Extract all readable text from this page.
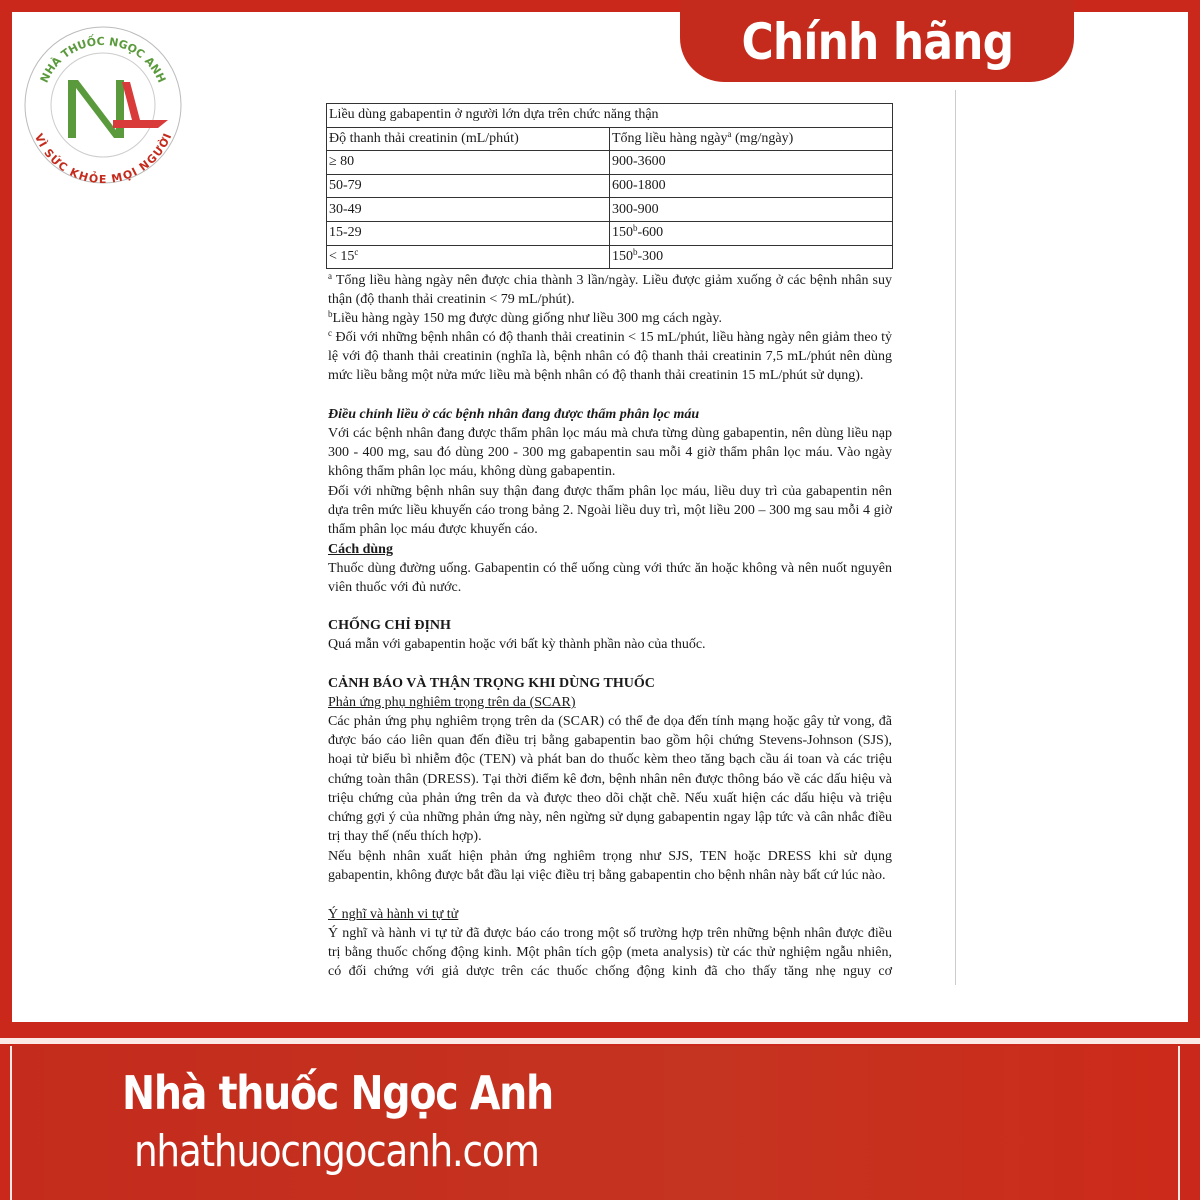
NHÀ THUỐC NGỌC ANH
VÌ SỨC KHỎE MỌI NGƯỜI
Chính hãng
Liều dùng gabapentin ở người lớn dựa trên chức năng thận	
Độ thanh thải creatinin (mL/phút)	Tổng liều hàng ngày$^a$ (mg/ngày)
≥ 80	900-3600
50-79	600-1800
30-49	300-900
15-29	$150^b-600$
< $15^c$	150$^b$-300
$^a$ Tổng liều hàng ngày nên được chia thành 3 lần/ngày. Liều được giảm xuống ở các bệnh nhân suy thận (độ thanh thải creatinin < 79 mL/phút).
$^b$Liều hàng ngày 150 mg được dùng giống như liều 300 mg cách ngày.
$^c$ Đối với những bệnh nhân có độ thanh thải creatinin < 15 mL/phút, liều hàng ngày nên giảm theo tỷ lệ với độ thanh thải creatinin (nghĩa là, bệnh nhân có độ thanh thải creatinin 7,5 mL/phút nên dùng mức liều bằng một nửa mức liều mà bệnh nhân có độ thanh thải creatinin 15 mL/phút sử dụng).
Điều chỉnh liều ở các bệnh nhân đang được thẩm phân lọc máu
Với các bệnh nhân đang được thẩm phân lọc máu mà chưa từng dùng gabapentin, nên dùng liều nạp 300 - 400 mg, sau đó dùng 200 - 300 mg gabapentin sau mỗi 4 giờ thẩm phân lọc máu. Vào ngày không thẩm phân lọc máu, không dùng gabapentin.
Đối với những bệnh nhân suy thận đang được thẩm phân lọc máu, liều duy trì của gabapentin nên dựa trên mức liều khuyến cáo trong bảng 2. Ngoài liều duy trì, một liều 200 – 300 mg sau mỗi 4 giờ thẩm phân lọc máu được khuyến cáo.
Cách dùng
Thuốc dùng đường uống. Gabapentin có thể uống cùng với thức ăn hoặc không và nên nuốt nguyên viên thuốc với đủ nước.
CHỐNG CHỈ ĐỊNH
Quá mẫn với gabapentin hoặc với bất kỳ thành phần nào của thuốc.
CẢNH BÁO VÀ THẬN TRỌNG KHI DÙNG THUỐC
Phản ứng phụ nghiêm trọng trên da (SCAR)
Các phản ứng phụ nghiêm trọng trên da (SCAR) có thể đe dọa đến tính mạng hoặc gây tử vong, đã được báo cáo liên quan đến điều trị bằng gabapentin bao gồm hội chứng Stevens-Johnson (SJS), hoại tử biểu bì nhiễm độc (TEN) và phát ban do thuốc kèm theo tăng bạch cầu ái toan và các triệu chứng toàn thân (DRESS). Tại thời điểm kê đơn, bệnh nhân nên được thông báo về các dấu hiệu và triệu chứng của phản ứng trên da và được theo dõi chặt chẽ. Nếu xuất hiện các dấu hiệu và triệu chứng gợi ý của những phản ứng này, nên ngừng sử dụng gabapentin ngay lập tức và cân nhắc điều trị thay thế (nếu thích hợp).
Nếu bệnh nhân xuất hiện phản ứng nghiêm trọng như SJS, TEN hoặc DRESS khi sử dụng gabapentin, không được bắt đầu lại việc điều trị bằng gabapentin cho bệnh nhân này bất cứ lúc nào.
Ý nghĩ và hành vi tự tử
Ý nghĩ và hành vi tự tử đã được báo cáo trong một số trường hợp trên những bệnh nhân được điều trị bằng thuốc chống động kinh. Một phân tích gộp (meta analysis) từ các thử nghiệm ngẫu nhiên, có đối chứng với giả dược trên các thuốc chống động kinh đã cho thấy tăng nhẹ nguy cơ
Nhà thuốc Ngọc Anh
nhathuocngocanh.com
